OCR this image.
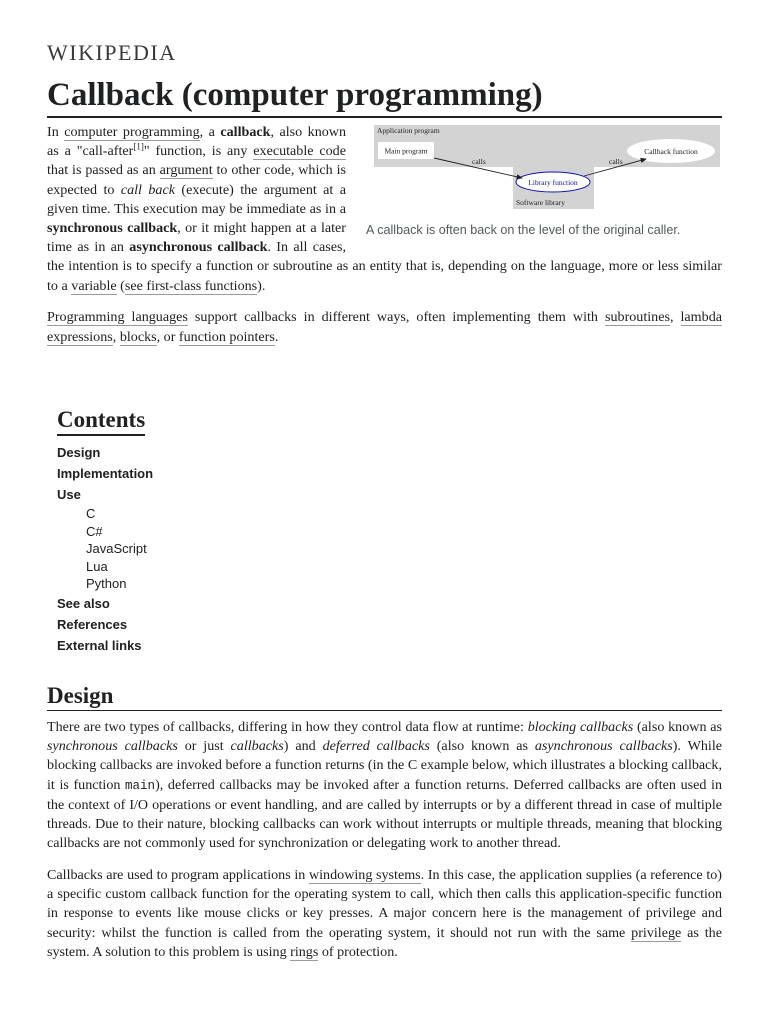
WIKIPEDIA
Callback (computer programming)
Application program
Main program	Callback function
Library function
calls	calls
Software library
A callback is often back on the level of the original caller.

In computer programming, a callback, also known as a "call-after[1]" function, is any executable code that is passed as an argument to other code, which is expected to call back (execute) the argument at a given time. This execution may be immediate as in a synchronous callback, or it might happen at a later time as in an asynchronous callback. In all cases, the intention is to specify a function or subroutine as an entity that is, depending on the language, more or less similar to a variable (see first-class functions).

Programming languages support callbacks in different ways, often implementing them with subroutines, lambda expressions, blocks, or function pointers.

Contents
Design
Implementation
Use
C
C#
JavaScript
Lua
Python
See also
References
External links
Design

There are two types of callbacks, differing in how they control data flow at runtime: blocking callbacks (also known as synchronous callbacks or just callbacks) and deferred callbacks (also known as asynchronous callbacks). While blocking callbacks are invoked before a function returns (in the C example below, which illustrates a blocking callback, it is function main), deferred callbacks may be invoked after a function returns. Deferred callbacks are often used in the context of I/O operations or event handling, and are called by interrupts or by a different thread in case of multiple threads. Due to their nature, blocking callbacks can work without interrupts or multiple threads, meaning that blocking callbacks are not commonly used for synchronization or delegating work to another thread.

Callbacks are used to program applications in windowing systems. In this case, the application supplies (a reference to) a specific custom callback function for the operating system to call, which then calls this application-specific function in response to events like mouse clicks or key presses. A major concern here is the management of privilege and security: whilst the function is called from the operating system, it should not run with the same privilege as the system. A solution to this problem is using rings of protection.
